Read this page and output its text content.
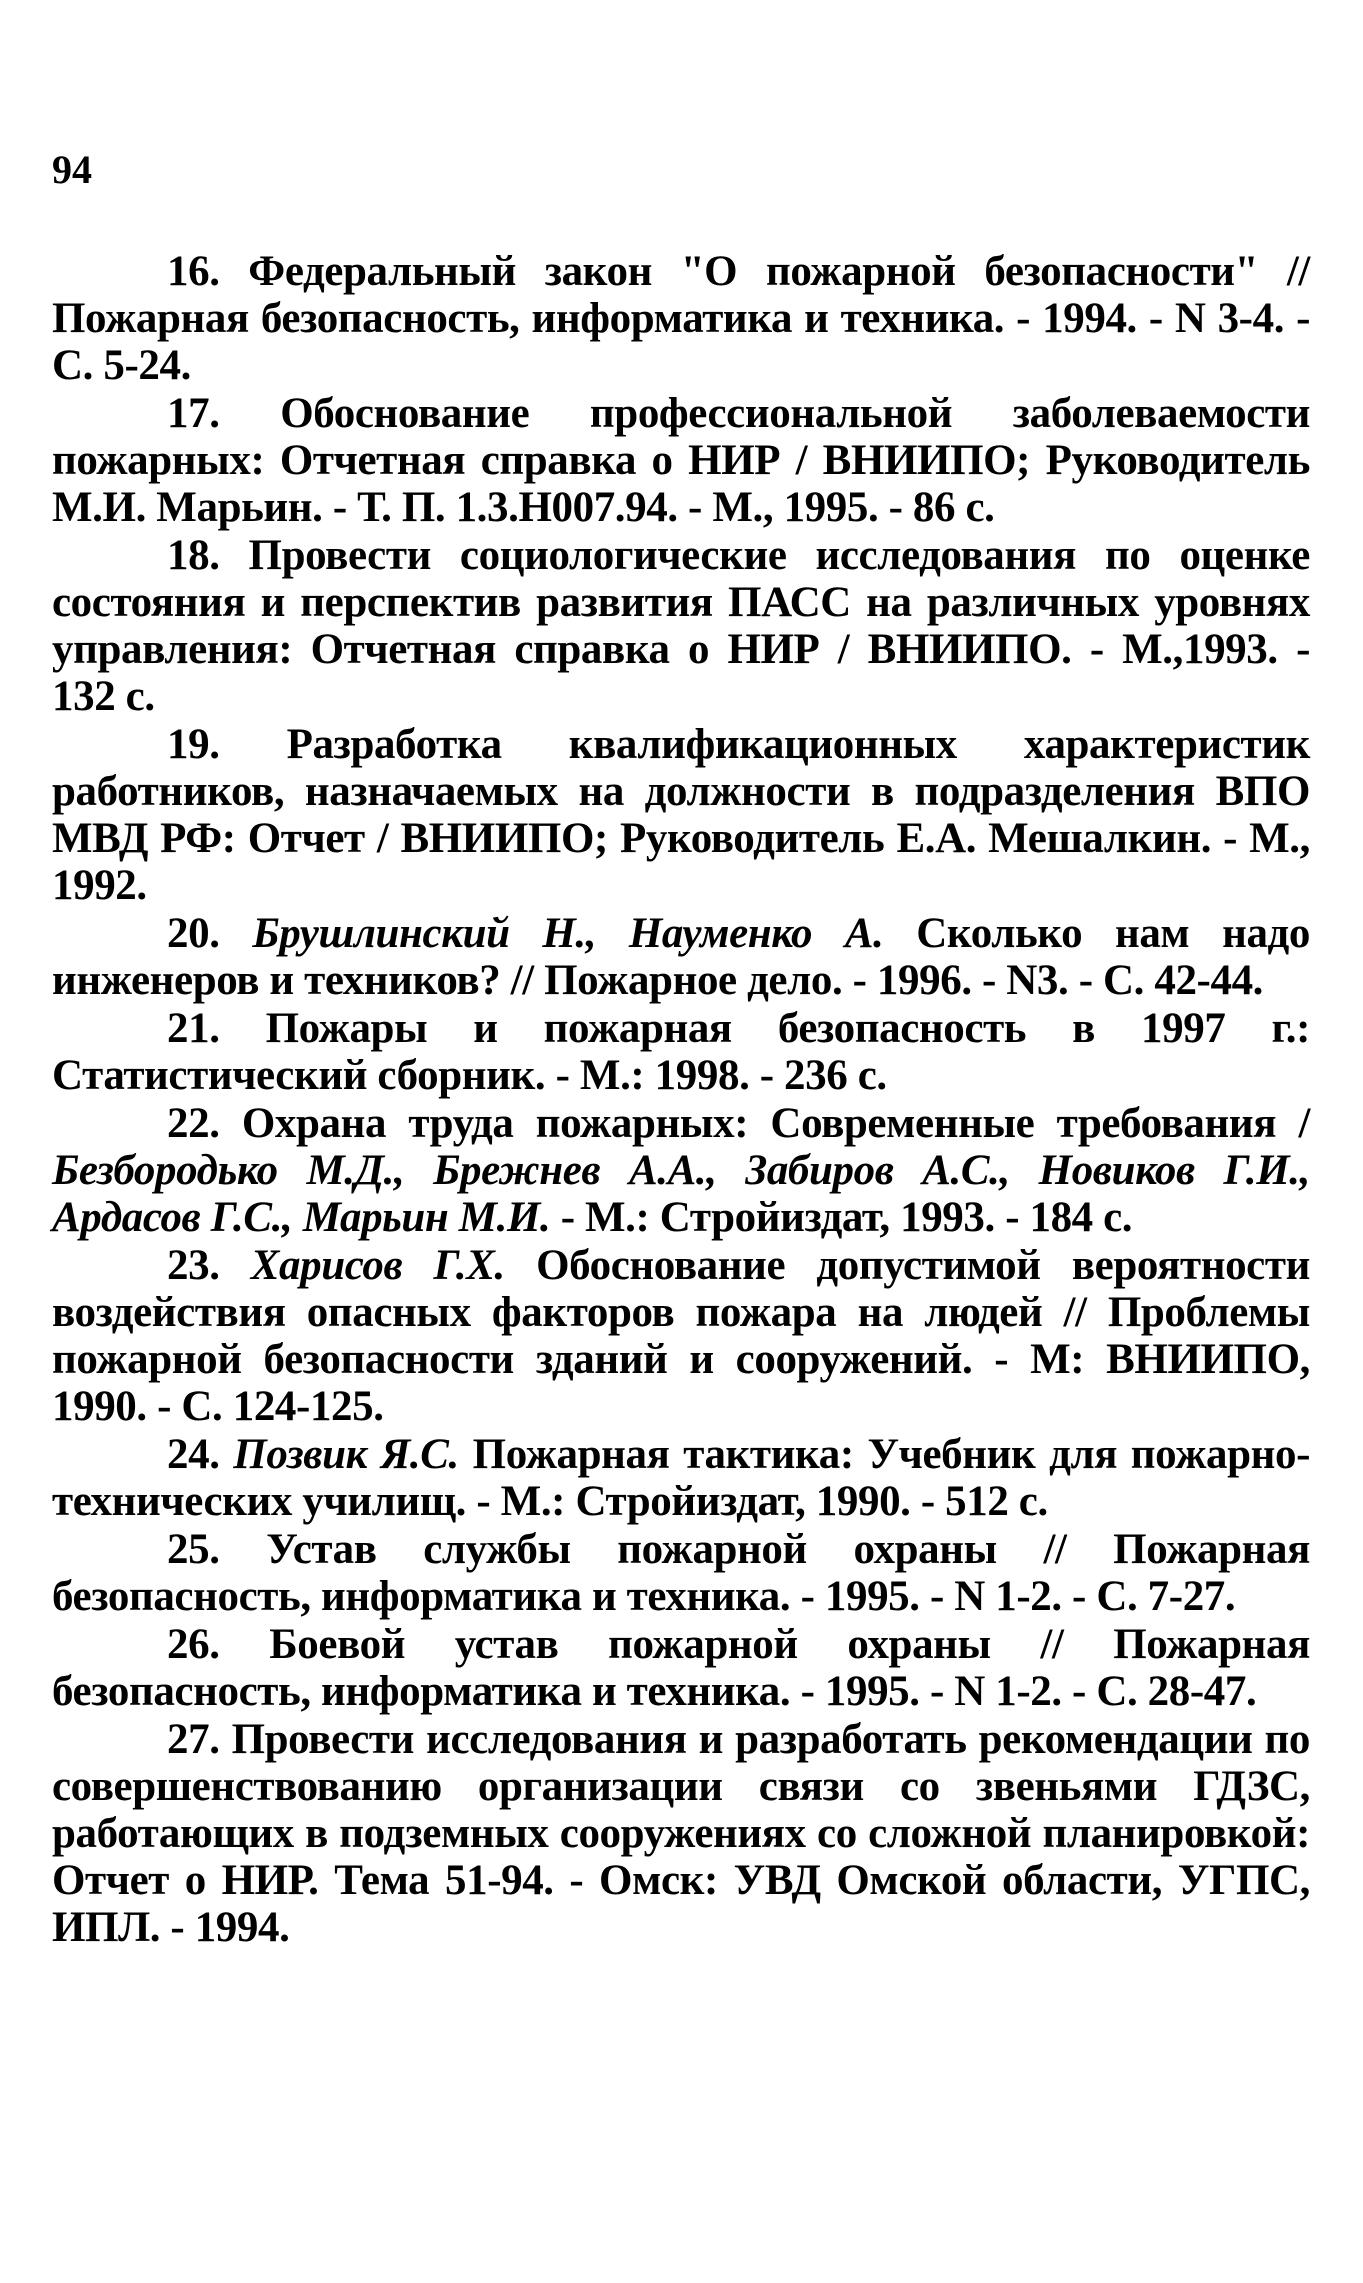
94

16. Федеральный закон "О пожарной безопасности" // Пожарная безопасность, информатика и техника. - 1994. - N 3-4. - С. 5-24.

17. Обоснование профессиональной заболеваемости пожарных: Отчетная справка о НИР / ВНИИПО; Руководитель М.И. Марьин. - Т. П. 1.3.Н007.94. - М., 1995. - 86 с.

18. Провести социологические исследования по оценке состояния и перспектив развития ПАСС на различных уровнях управления: Отчетная справка о НИР / ВНИИПО. - М.,1993. - 132 с.

19. Разработка квалификационных характеристик работников, назначаемых на должности в подразделения ВПО МВД РФ: Отчет / ВНИИПО; Руководитель Е.А. Мешалкин. - М., 1992.

20. Брушлинский Н., Науменко А. Сколько нам надо инженеров и техников? // Пожарное дело. - 1996. - N3. - С. 42-44.

21. Пожары и пожарная безопасность в 1997 г.: Статистический сборник. - М.: 1998. - 236 с.

22. Охрана труда пожарных: Современные требования / Безбородько М.Д., Брежнев А.А., Забиров А.С., Новиков Г.И., Ардасов Г.С., Марьин М.И. - М.: Стройиздат, 1993. - 184 с.

23. Харисов Г.Х. Обоснование допустимой вероятности воздействия опасных факторов пожара на людей // Проблемы пожарной безопасности зданий и сооружений. - М: ВНИИПО, 1990. - С. 124-125.

24. Позвик Я.С. Пожарная тактика: Учебник для пожарно-технических училищ. - М.: Стройиздат, 1990. - 512 с.

25. Устав службы пожарной охраны // Пожарная безопасность, информатика и техника. - 1995. - N 1-2. - С. 7-27.

26. Боевой устав пожарной охраны // Пожарная безопасность, информатика и техника. - 1995. - N 1-2. - С. 28-47.

27. Провести исследования и разработать рекомендации по совершенствованию организации связи со звеньями ГДЗС, работающих в подземных сооружениях со сложной планировкой: Отчет о НИР. Тема 51-94. - Омск: УВД Омской области, УГПС, ИПЛ. - 1994.
